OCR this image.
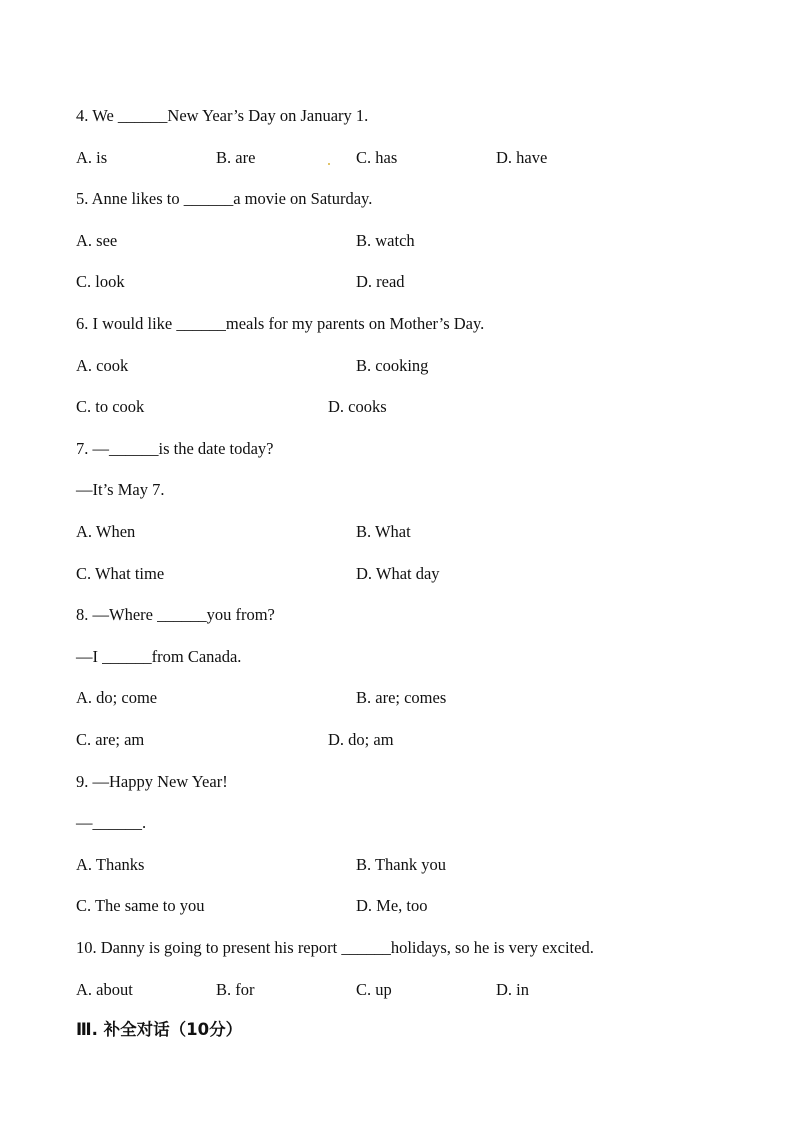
4. We ______New Year’s Day on January 1.
A. is	B. are	C. has	D. have
5. Anne likes to ______a movie on Saturday.
A. see	B. watch
C. look	D. read
6. I would like ______meals for my parents on Mother’s Day.
A. cook	B. cooking
C. to cook	D. cooks
7. —______is the date today?
—It’s May 7.
A. When	B. What
C. What time	D. What day
8. —Where ______you from?
—I ______from Canada.
A. do; come	B. are; comes
C. are; am	D. do; am
9. —Happy New Year!
—______.
A. Thanks	B. Thank you
C. The same to you	D. Me, too
10. Danny is going to present his report ______holidays, so he is very excited.
A. about	B. for	C. up	D. in
Ⅲ. 补全对话（10分）
